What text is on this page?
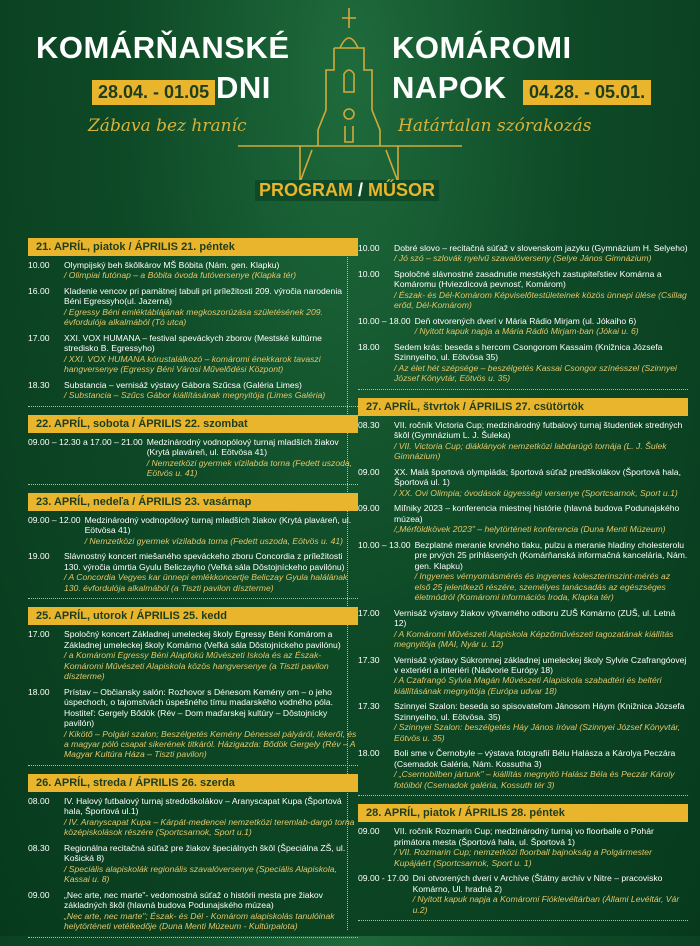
KOMÁRŇANSKÉ
DNI
KOMÁROMI
NAPOK
28.04. - 01.05	04.28. - 05.01.
Zábava bez hraníc	Határtalan szórakozás
PROGRAM / MŰSOR
21. APRÍL, piatok / ÁPRILIS 21. péntek
10.00	Olympijský beh škôlkárov MŠ Bóbita (Nám. gen. Klapku)
/ Olimpiai futónap – a Bóbita óvoda futóversenye (Klapka tér)
16.00	Kladenie vencov pri pamätnej tabuli pri príležitosti 209. výročia narodenia Béni Egressyho(ul. Jazerná)
/ Egressy Béni emléktáblájának megkoszorúzása születésének 209. évfordulója alkalmából (Tó utca)
17.00	XXI. VOX HUMANA – festival speváckych zborov (Mestské kultúrne stredisko B. Egressyho)
/ XXI. VOX HUMANA kórustalálkozó – komáromi énekkarok tavaszi hangversenye (Egressy Béni Városi Művelődési Központ)
18.30	Substancia – vernisáž výstavy Gábora Szűcsa (Galéria Limes)
/ Substancia – Szűcs Gábor kiállításának megnyitója (Limes Galéria)
22. APRÍL, sobota / ÁPRILIS 22. szombat
09.00 – 12.30 a 17.00 – 21.00 Medzinárodný vodnopólový turnaj mladších žiakov (Krytá plaváreň, ul. Eötvösa 41)
/ Nemzetközi gyermek vízilabda torna (Fedett uszoda, Eötvös u. 41)
23. APRÍL, nedeľa / ÁPRILIS 23. vasárnap
09.00 – 12.00 Medzinárodný vodnopólový turnaj mladších žiakov (Krytá plaváreň, ul. Eötvösa 41)
/ Nemzetközi gyermek vízilabda torna (Fedett uszoda, Eötvös u. 41)
19.00	Slávnostný koncert miešaného speváckeho zboru Concordia z príležitosti 130. výročia úmrtia Gyulu Beliczayho (Veľká sála Dôstojníckeho pavilónu)
/ A Concordia Vegyes kar ünnepi emlékkoncertje Beliczay Gyula halálának 130. évfordulója alkalmából (a Tiszti pavilon díszterme)
25. APRÍL, utorok / ÁPRILIS 25. kedd
17.00	Spoločný koncert Základnej umeleckej školy Egressy Béni Komárom a Základnej umeleckej školy Komárno (Veľká sála Dôstojníckeho pavilónu)
/ a Komáromi Egressy Béni Alapfokú Művészeti Iskola és az Észak-Komáromi Művészeti Alapiskola közös hangversenye (a Tiszti pavilon díszterme)
18.00	Prístav – Občiansky salón: Rozhovor s Dénesom Kemény om – o jeho úspechoch, o tajomstvách úspešného tímu madarského vodného póla. Hostiteľ: Gergely Bődök (Rév – Dom maďarskej kultúry – Dôstojnícky pavilón)
/ Kikötő – Polgári szalon; Beszélgetés Kemény Dénessel pályáról, lékeről, és a magyar póló csapat sikerének titkáról. Házigazda: Bődök Gergely (Rév – A Magyar Kultúra Háza – Tiszti pavilon)
26. APRÍL, streda / ÁPRILIS 26. szerda
08.00	IV. Halový futbalový turnaj stredoškolákov – Aranyscapat Kupa (Športová hala, Športová ul.1)
/ IV. Aranyscapat Kupa – Kárpát-medencei nemzetközi teremlab-dargó torna középiskolások részére (Sportcsarnok, Sport u.1)
08.30	Regionálna recitačná súťaž pre žiakov špeciálnych škôl (Špeciálna ZŠ, ul. Košická 8)
/ Speciális alapiskolák regionális szavalóversenye (Speciális Alapiskola, Kassai u. 8)
09.00	„Nec arte, nec marte"- vedomostná súťaž o histórii mesta pre žiakov základných škôl (hlavná budova Podunajského múzea)
„Nec arte, nec marte"; Észak- és Dél - Komárom alapiskolás tanulóinak helytörténeti vetélkedője (Duna Menti Múzeum - Kultúrpalota)
10.00	Dobré slovo – recitačná súťaž v slovenskom jazyku (Gymnázium H. Selyeho)
/ Jó szó – szlovák nyelvű szavalóverseny (Selye János Gimnázium)
10.00	Spoločné slávnostné zasadnutie mestských zastupiteľstiev Komárna a Komáromu (Hviezdicová pevnosť, Komárom)
/ Észak- és Dél-Komárom Képviselőtestületeinek közös ünnepi ülése (Csillag erőd, Dél-Komárom)
10.00 – 18.00 Deň otvorených dverí v Mária Rádio Mirjam (ul. Jókaiho 6)
/ Nyitott kapuk napja a Mária Rádió Mirjam-ban (Jókai u. 6)
18.00	Sedem krás: beseda s hercom Csongorom Kassaim (Knižnica Józsefa Szinnyeiho, ul. Eötvösa 35)
/ Az élet hét szépsége – beszélgetés Kassai Csongor színésszel (Szinnyei József Könyvtár, Eötvös u. 35)
27. APRÍL, štvrtok / ÁPRILIS 27. csütörtök
08.30	VII. ročník Victoria Cup; medzinárodný futbalový turnaj študentiek stredných škôl (Gymnázium L. J. Šuleka)
/ VII. Victoria Cup; diáklányok nemzetközi labdarúgó tornája (L. J. Šulek Gimnázium)
09.00	XX. Malá športová olympiáda; športová súťaž predškolákov (Športová hala, Športová ul. 1)
/ XX. Ovi Olimpia; óvodások ügyességi versenye (Sportcsarnok, Sport u.1)
09.00	Míľniky 2023 – konferencia miestnej histórie (hlavná budova Podunajského múzea)
/„Mérföldkövek 2023" – helytörténeti konferencia (Duna Menti Múzeum)
10.00 – 13.00 Bezplatné meranie krvného tlaku, pulzu a meranie hladiny cholesterolu pre prvých 25 prihlásených (Komárňanská informačná kancelária, Nám. gen. Klapku)
/ Ingyenes vérnyomásmérés és ingyenes koleszterinszint-mérés az első 25 jelentkező részére, személyes tanácsadás az egészséges életmódról (Komáromi információs Iroda, Klapka tér)
17.00	Vernisáž výstavy žiakov výtvarného odboru ZUŠ Komárno (ZUŠ, ul. Letná 12)
/ A Komáromi Művészeti Alapiskola Képzőművészeti tagozatának kiállítás megnyitója (MAI, Nyár u. 12)
17.30	Vernisáž výstavy Súkromnej základnej umeleckej školy Sylvie Czafrangóovej v exteriéri a interiéri (Nádvorie Európy 18)
/ A Czafrangó Sylvia Magán Művészeti Alapiskola szabadtéri és beltéri kiállításának megnyitója (Európa udvar 18)
17.30	Szinnyei Szalon: beseda so spisovateľom Jánosom Háym (Knižnica Józsefa Szinnyeiho, ul. Eötvösa. 35)
/ Szinnyei Szalon: beszélgetés Háy János íróval (Szinnyei József Könyvtár, Eötvös u. 35)
18.00	Boli sme v Černobyle – výstava fotografií Bélu Halásza a Károlya Peczára (Csemadok Galéria, Nám. Kossutha 3)
/ „Csernobilben jártunk" – kiállítás megnyitó Halász Béla és Peczár Károly fotóiból (Csemadok galéria, Kossuth tér 3)
28. APRÍL, piatok / ÁPRILIS 28. péntek
09.00	VII. ročník Rozmarin Cup; medzinárodný turnaj vo floorballe o Pohár primátora mesta (Športová hala, ul. Športová 1)
/ VII. Rozmarin Cup; nemzetközi floorball bajnokság a Polgármester Kupájáért (Sportcsarnok, Sport u. 1)
09.00 - 17.00 Dni otvorených dverí v Archíve (Štátny archív v Nitre – pracovisko Komárno, Ul. hradná 2)
/ Nyitott kapuk napja a Komáromi Fióklevéltárban (Állami Levéltár, Vár u.2)
